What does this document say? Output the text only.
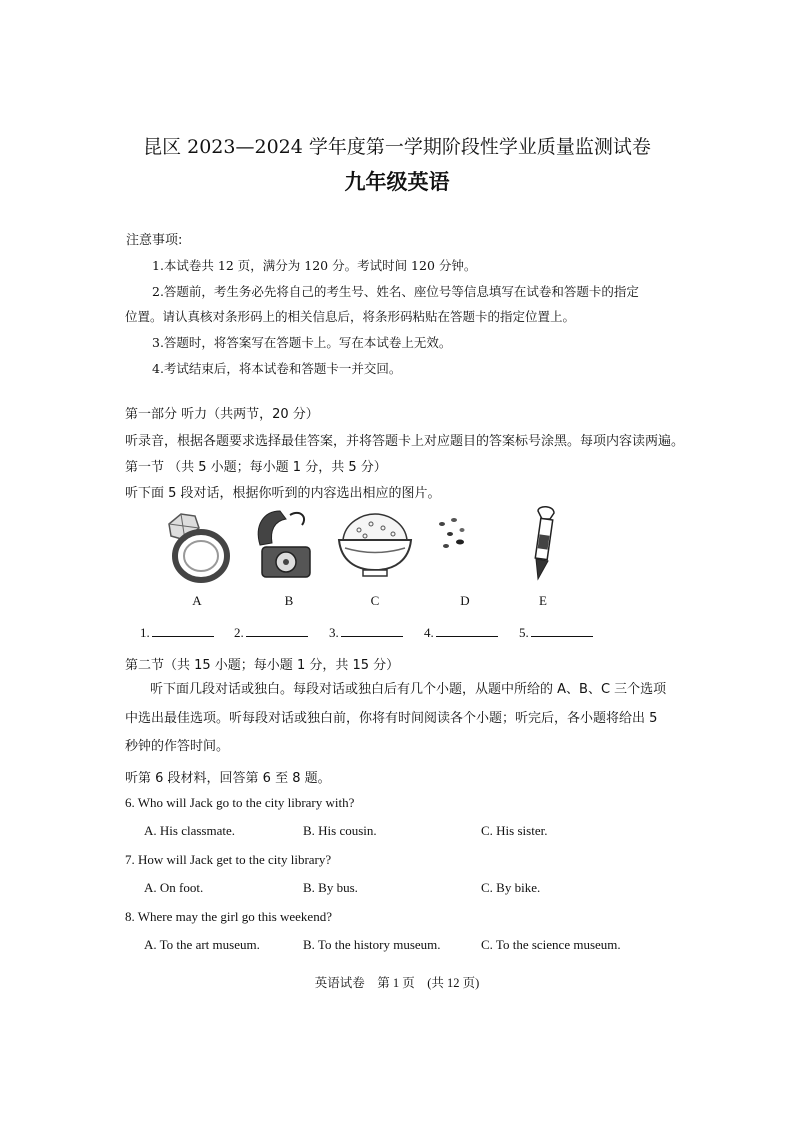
昆区 2023—2024 学年度第一学期阶段性学业质量监测试卷
九年级英语
注意事项:
1.本试卷共 12 页，满分为 120 分。考试时间 120 分钟。
2.答题前，考生务必先将自己的考生号、姓名、座位号等信息填写在试卷和答题卡的指定
位置。请认真核对条形码上的相关信息后，将条形码粘贴在答题卡的指定位置上。
3.答题时，将答案写在答题卡上。写在本试卷上无效。
4.考试结束后，将本试卷和答题卡一并交回。
第一部分 听力（共两节，20 分）
听录音，根据各题要求选择最佳答案，并将答题卡上对应题目的答案标号涂黑。每项内容读两遍。
第一节 （共 5 小题；每小题 1 分，共 5 分）
听下面 5 段对话，根据你听到的内容选出相应的图片。
A	B	C	D	E
1.	2.	3.	4.	5.
第二节（共 15 小题；每小题 1 分，共 15 分）
听下面几段对话或独白。每段对话或独白后有几个小题，从题中所给的 A、B、C 三个选项
中选出最佳选项。听每段对话或独白前，你将有时间阅读各个小题；听完后，各小题将给出 5
秒钟的作答时间。
听第 6 段材料，回答第 6 至 8 题。
6. Who will Jack go to the city library with?
A. His classmate.	B. His cousin.	C. His sister.
7. How will Jack get to the city library?
A. On foot.	B. By bus.	C. By bike.
8. Where may the girl go this weekend?
A. To the art museum.	B. To the history museum.	C. To the science museum.
英语试卷　第 1 页　(共 12 页)
